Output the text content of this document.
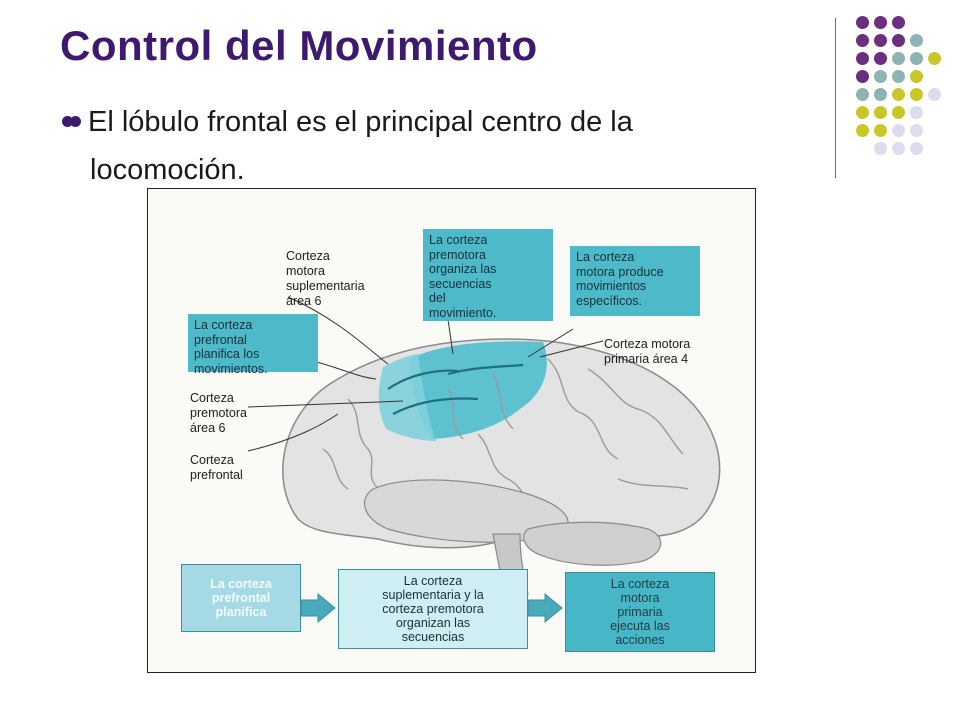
Control del Movimiento
El lóbulo frontal es el principal centro de la
locomoción.
Corteza
motora
suplementaria
área 6
Corteza
premotora
área 6
Corteza
prefrontal
Corteza motora
primaria área 4
La corteza
prefrontal
planifica los
movimientos.
La corteza
premotora
organiza las
secuencias
del
movimiento.
La corteza
motora produce
movimientos
específicos.
La corteza
prefrontal
planifica
La corteza
suplementaria y la
corteza premotora
organizan las
secuencias
La corteza
motora
primaria
ejecuta las
acciones
